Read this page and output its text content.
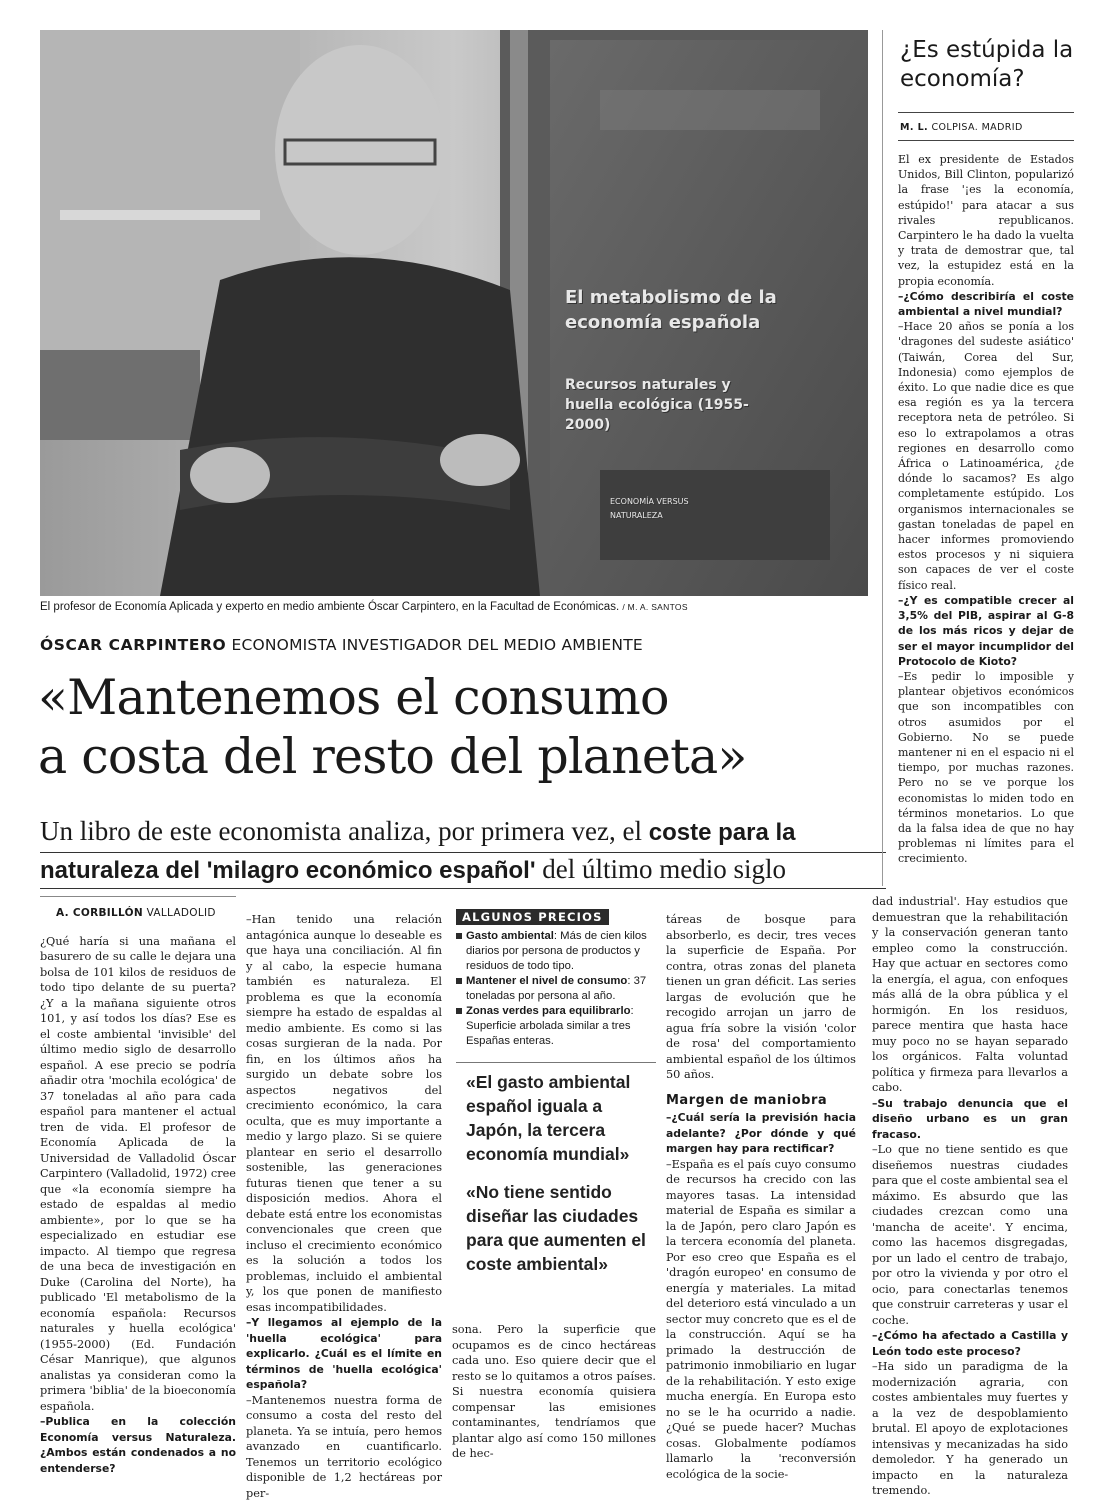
El metabolismo de la economía española
Recursos naturales y huella ecológica (1955-2000)
ECONOMÍA VERSUS NATURALEZA
El profesor de Economía Aplicada y experto en medio ambiente Óscar Carpintero, en la Facultad de Económicas. / M. A. SANTOS
ÓSCAR CARPINTERO ECONOMISTA INVESTIGADOR DEL MEDIO AMBIENTE
«Mantenemos el consumo
a costa del resto del planeta»
Un libro de este economista analiza, por primera vez, el coste para la naturaleza del 'milagro económico español' del último medio siglo

A. CORBILLÓN VALLADOLID

¿Qué haría si una mañana el basurero de su calle le dejara una bolsa de 101 kilos de residuos de todo tipo delante de su puerta? ¿Y a la mañana siguiente otros 101, y así todos los días? Ese es el coste ambiental 'invisible' del último medio siglo de desarrollo español. A ese precio se podría añadir otra 'mochila ecológica' de 37 toneladas al año para cada español para mantener el actual tren de vida. El profesor de Economía Aplicada de la Universidad de Valladolid Óscar Carpintero (Valladolid, 1972) cree que «la economía siempre ha estado de espaldas al medio ambiente», por lo que se ha especializado en estudiar ese impacto. Al tiempo que regresa de una beca de investigación en Duke (Carolina del Norte), ha publicado 'El metabolismo de la economía española: Recursos naturales y huella ecológica' (1955-2000) (Ed. Fundación César Manrique), que algunos analistas ya consideran como la primera 'biblia' de la bioeconomía española.

–Publica en la colección Economía versus Naturaleza. ¿Ambos están condenados a no entenderse?

–Han tenido una relación antagónica aunque lo deseable es que haya una conciliación. Al fin y al cabo, la especie humana también es naturaleza. El problema es que la economía siempre ha estado de espaldas al medio ambiente. Es como si las cosas surgieran de la nada. Por fin, en los últimos años ha surgido un debate sobre los aspectos negativos del crecimiento económico, la cara oculta, que es muy importante a medio y largo plazo. Si se quiere plantear en serio el desarrollo sostenible, las generaciones futuras tienen que tener a su disposición medios. Ahora el debate está entre los economistas convencionales que creen que incluso el crecimiento económico es la solución a todos los problemas, incluido el ambiental y, los que ponen de manifiesto esas incompatibilidades.

–Y llegamos al ejemplo de la 'huella ecológica' para explicarlo. ¿Cuál es el límite en términos de 'huella ecológica' española?

–Mantenemos nuestra forma de consumo a costa del resto del planeta. Ya se intuía, pero hemos avanzado en cuantificarlo. Tenemos un territorio ecológico disponible de 1,2 hectáreas por per-

ALGUNOS PRECIOS
Gasto ambiental: Más de cien kilos diarios por persona de productos y residuos de todo tipo.
Mantener el nivel de consumo: 37 toneladas por persona al año.
Zonas verdes para equilibrarlo: Superficie arbolada similar a tres Españas enteras.
«El gasto ambiental español iguala a Japón, la tercera economía mundial»
«No tiene sentido diseñar las ciudades para que aumenten el coste ambiental»

sona. Pero la superficie que ocupamos es de cinco hectáreas cada uno. Eso quiere decir que el resto se lo quitamos a otros países. Si nuestra economía quisiera compensar las emisiones contaminantes, tendríamos que plantar algo así como 150 millones de hec-

táreas de bosque para absorberlo, es decir, tres veces la superficie de España. Por contra, otras zonas del planeta tienen un gran déficit. Las series largas de evolución que he recogido arrojan un jarro de agua fría sobre la visión 'color de rosa' del comportamiento ambiental español de los últimos 50 años.

Margen de maniobra

–¿Cuál sería la previsión hacia adelante? ¿Por dónde y qué margen hay para rectificar?

–España es el país cuyo consumo de recursos ha crecido con las mayores tasas. La intensidad material de España es similar a la de Japón, pero claro Japón es la tercera economía del planeta. Por eso creo que España es el 'dragón europeo' en consumo de energía y materiales. La mitad del deterioro está vinculado a un sector muy concreto que es el de la construcción. Aquí se ha primado la destrucción de patrimonio inmobiliario en lugar de la rehabilitación. Y esto exige mucha energía. En Europa esto no se le ha ocurrido a nadie. ¿Qué se puede hacer? Muchas cosas. Globalmente podíamos llamarlo la 'reconversión ecológica de la socie-

dad industrial'. Hay estudios que demuestran que la rehabilitación y la conservación generan tanto empleo como la construcción. Hay que actuar en sectores como la energía, el agua, con enfoques más allá de la obra pública y el hormigón. En los residuos, parece mentira que hasta hace muy poco no se hayan separado los orgánicos. Falta voluntad política y firmeza para llevarlos a cabo.

–Su trabajo denuncia que el diseño urbano es un gran fracaso.

–Lo que no tiene sentido es que diseñemos nuestras ciudades para que el coste ambiental sea el máximo. Es absurdo que las ciudades crezcan como una 'mancha de aceite'. Y encima, como las hacemos disgregadas, por un lado el centro de trabajo, por otro la vivienda y por otro el ocio, para conectarlas tenemos que construir carreteras y usar el coche.

–¿Cómo ha afectado a Castilla y León todo este proceso?

–Ha sido un paradigma de la modernización agraria, con costes ambientales muy fuertes y a la vez de despoblamiento brutal. El apoyo de explotaciones intensivas y mecanizadas ha sido demoledor. Y ha generado un impacto en la naturaleza tremendo.

¿Es estúpida la economía?
M. L. COLPISA. MADRID

El ex presidente de Estados Unidos, Bill Clinton, popularizó la frase '¡es la economía, estúpido!' para atacar a sus rivales republicanos. Carpintero le ha dado la vuelta y trata de demostrar que, tal vez, la estupidez está en la propia economía.

–¿Cómo describiría el coste ambiental a nivel mundial?

–Hace 20 años se ponía a los 'dragones del sudeste asiático' (Taiwán, Corea del Sur, Indonesia) como ejemplos de éxito. Lo que nadie dice es que esa región es ya la tercera receptora neta de petróleo. Si eso lo extrapolamos a otras regiones en desarrollo como África o Latinoamérica, ¿de dónde lo sacamos? Es algo completamente estúpido. Los organismos internacionales se gastan toneladas de papel en hacer informes promoviendo estos procesos y ni siquiera son capaces de ver el coste físico real.

–¿Y es compatible crecer al 3,5% del PIB, aspirar al G-8 de los más ricos y dejar de ser el mayor incumplidor del Protocolo de Kioto?

–Es pedir lo imposible y plantear objetivos económicos que son incompatibles con otros asumidos por el Gobierno. No se puede mantener ni en el espacio ni el tiempo, por muchas razones. Pero no se ve porque los economistas lo miden todo en términos monetarios. Lo que da la falsa idea de que no hay problemas ni límites para el crecimiento.
